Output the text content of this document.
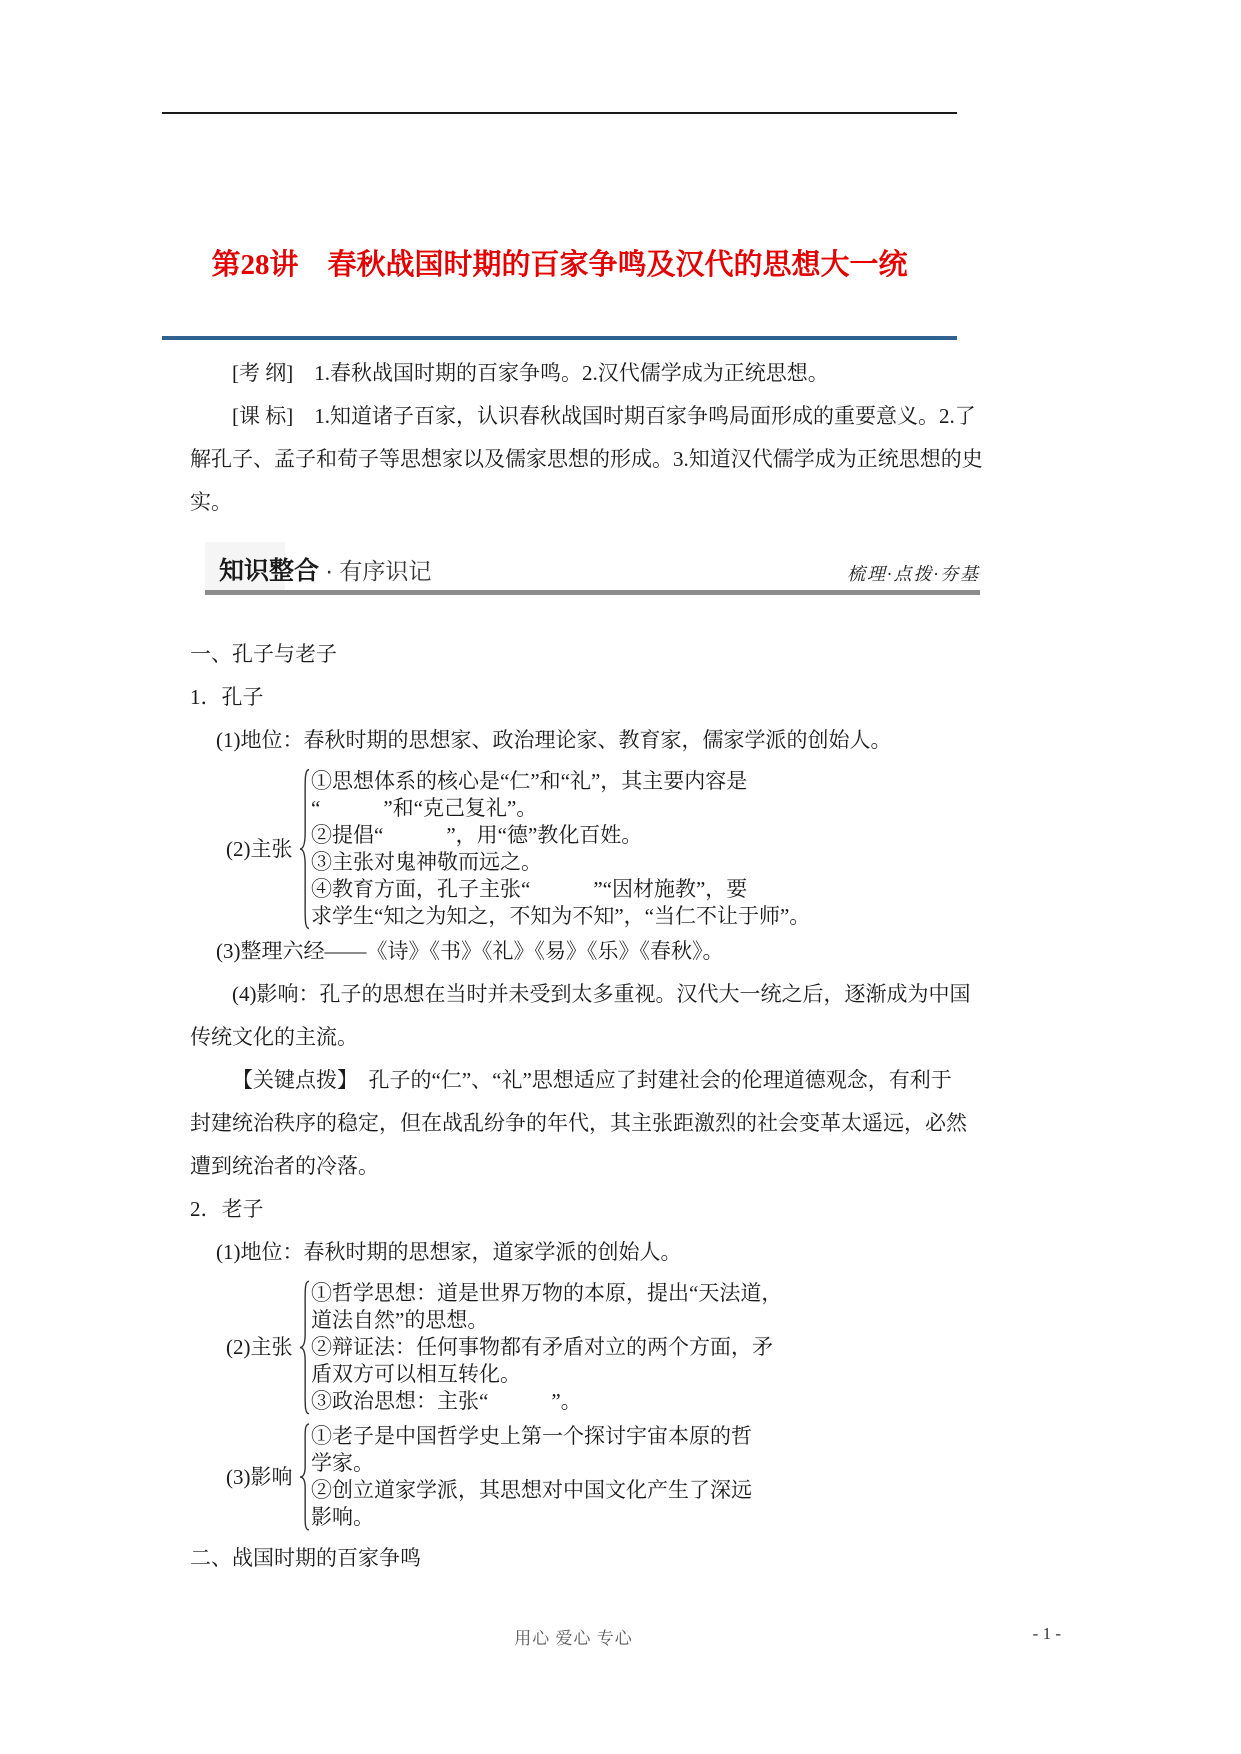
第28讲　春秋战国时期的百家争鸣及汉代的思想大一统
[考 纲]　1.春秋战国时期的百家争鸣。2.汉代儒学成为正统思想。
[课 标]　1.知道诸子百家，认识春秋战国时期百家争鸣局面形成的重要意义。2.了
解孔子、孟子和荀子等思想家以及儒家思想的形成。3.知道汉代儒学成为正统思想的史
实。
知识整合 · 有序识记	梳理·点拨·夯基
一、孔子与老子
1．孔子
(1)地位：春秋时期的思想家、政治理论家、教育家，儒家学派的创始人。
(2)主张
①思想体系的核心是“仁”和“礼”，其主要内容是
“　　　”和“克己复礼”。
②提倡“　　　”，用“德”教化百姓。
③主张对鬼神敬而远之。
④教育方面，孔子主张“　　　”“因材施教”，要
求学生“知之为知之，不知为不知”，“当仁不让于师”。
(3)整理六经——《诗》《书》《礼》《易》《乐》《春秋》。
(4)影响：孔子的思想在当时并未受到太多重视。汉代大一统之后，逐渐成为中国
传统文化的主流。
【关键点拨】　孔子的“仁”、“礼”思想适应了封建社会的伦理道德观念，有利于
封建统治秩序的稳定，但在战乱纷争的年代，其主张距激烈的社会变革太遥远，必然
遭到统治者的冷落。
2．老子
(1)地位：春秋时期的思想家，道家学派的创始人。
(2)主张
①哲学思想：道是世界万物的本原，提出“天法道，
道法自然”的思想。
②辩证法：任何事物都有矛盾对立的两个方面，矛
盾双方可以相互转化。
③政治思想：主张“　　　”。
(3)影响
①老子是中国哲学史上第一个探讨宇宙本原的哲
学家。
②创立道家学派，其思想对中国文化产生了深远
影响。
二、战国时期的百家争鸣
用心 爱心 专心	- 1 -
